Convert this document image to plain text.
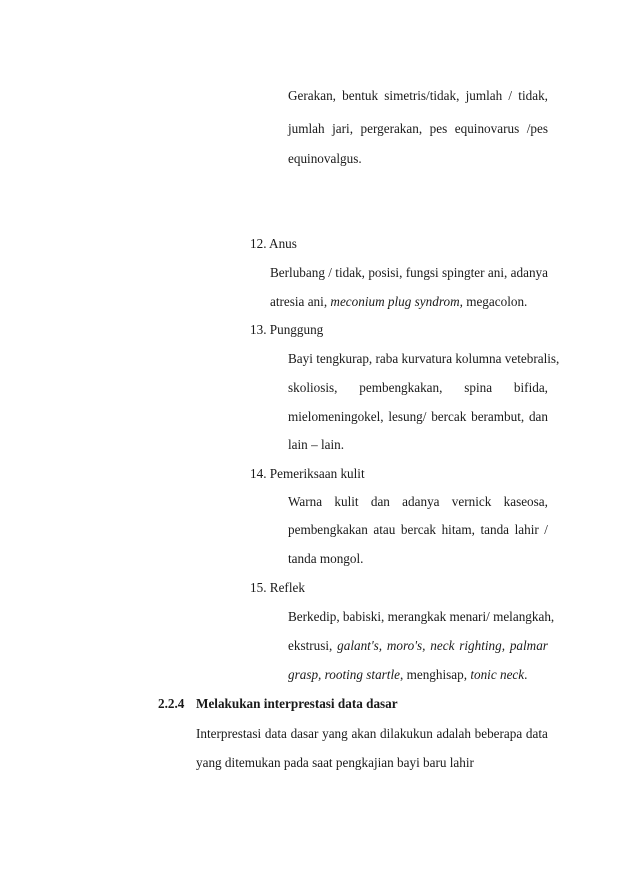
Gerakan, bentuk simetris/tidak, jumlah / tidak,
jumlah jari, pergerakan, pes equinovarus /pes
equinovalgus.
12. Anus
Berlubang / tidak, posisi, fungsi spingter ani, adanya
atresia ani, meconium plug syndrom, megacolon.
13. Punggung
Bayi tengkurap, raba kurvatura kolumna vetebralis,
skoliosis, pembengkakan, spina bifida,
mielomeningokel, lesung/ bercak berambut, dan
lain – lain.
14. Pemeriksaan kulit
Warna kulit dan adanya vernick kaseosa,
pembengkakan atau bercak hitam, tanda lahir /
tanda mongol.
15. Reflek
Berkedip, babiski, merangkak menari/ melangkah,
ekstrusi, galant's, moro's, neck righting, palmar
grasp, rooting startle, menghisap, tonic neck.
2.2.4 Melakukan interprestasi data dasar
Interprestasi data dasar yang akan dilakukun adalah beberapa data
yang ditemukan pada saat pengkajian bayi baru lahir
